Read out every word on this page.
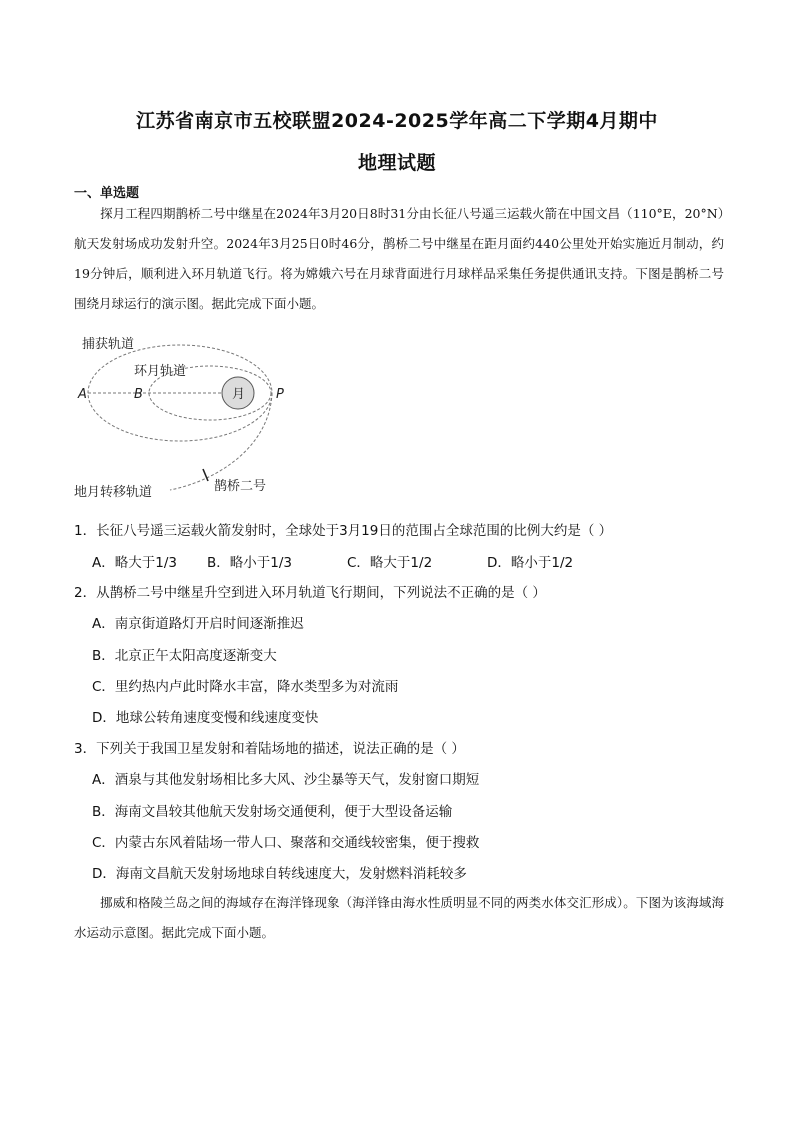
江苏省南京市五校联盟2024-2025学年高二下学期4月期中
地理试题
一、单选题
探月工程四期鹊桥二号中继星在2024年3月20日8时31分由长征八号遥三运载火箭在中国文昌（110°E，20°N）航天发射场成功发射升空。2024年3月25日0时46分，鹊桥二号中继星在距月面约440公里处开始实施近月制动，约19分钟后，顺利进入环月轨道飞行。将为嫦娥六号在月球背面进行月球样品采集任务提供通讯支持。下图是鹊桥二号围绕月球运行的演示图。据此完成下面小题。
捕获轨道
环月轨道
A	B	月 P
鹊桥二号
地月转移轨道
1．长征八号遥三运载火箭发射时，全球处于3月19日的范围占全球范围的比例大约是（ ）
A．略大于1/3 B．略小于1/3	C．略大于1/2	D．略小于1/2
2．从鹊桥二号中继星升空到进入环月轨道飞行期间，下列说法不正确的是（ ）
A．南京街道路灯开启时间逐渐推迟
B．北京正午太阳高度逐渐变大
C．里约热内卢此时降水丰富，降水类型多为对流雨
D．地球公转角速度变慢和线速度变快
3．下列关于我国卫星发射和着陆场地的描述，说法正确的是（ ）
A．酒泉与其他发射场相比多大风、沙尘暴等天气，发射窗口期短
B．海南文昌较其他航天发射场交通便利，便于大型设备运输
C．内蒙古东风着陆场一带人口、聚落和交通线较密集，便于搜救
D．海南文昌航天发射场地球自转线速度大，发射燃料消耗较多
挪威和格陵兰岛之间的海域存在海洋锋现象（海洋锋由海水性质明显不同的两类水体交汇形成）。下图为该海域海水运动示意图。据此完成下面小题。
